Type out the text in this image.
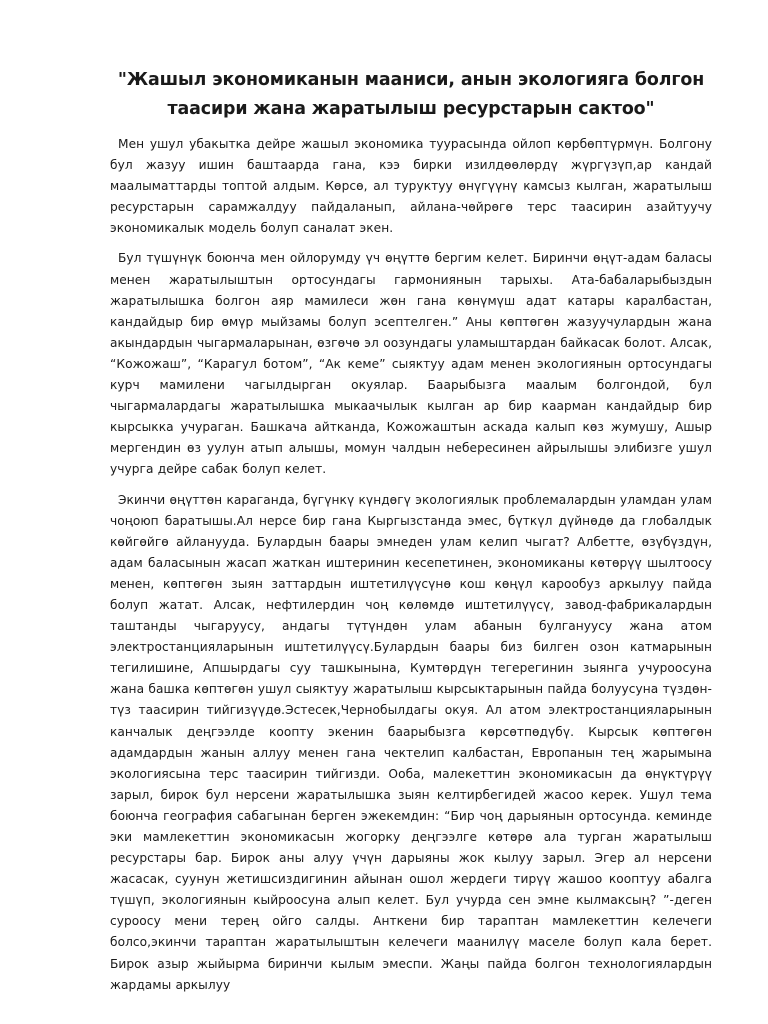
"Жашыл экономиканын мааниси, анын экологияга болгон
таасири жана жаратылыш ресурстарын сактоо"

Мен ушул убакытка дейре жашыл экономика туурасында ойлоп көрбөптүрмүн. Болгону бул жазуу ишин баштаарда гана, кээ бирки изилдөөлөрдү жүргүзүп,ар кандай маалыматтарды топтой алдым. Көрсө, ал туруктуу өнүгүүнү камсыз кылган, жаратылыш ресурстарын сарамжалдуу пайдаланып, айлана-чөйрөгө терс таасирин азайтуучу экономикалык модель болуп саналат экен.

Бул түшүнүк боюнча мен ойлорумду үч өңүттө бергим келет. Биринчи өңүт-адам баласы менен жаратылыштын ортосундагы гармониянын тарыхы. Ата-бабаларыбыздын жаратылышка болгон аяр мамилеси жөн гана көнүмүш адат катары каралбастан, кандайдыр бир өмүр мыйзамы болуп эсептелген.” Аны көптөгөн жазуучулардын жана акындардын чыгармаларынан, өзгөчө эл оозундагы уламыштардан байкасак болот. Алсак, “Кожожаш”, “Карагул ботом”, “Ак кеме” сыяктуу адам менен экологиянын ортосундагы курч мамилени чагылдырган окуялар. Баарыбызга маалым болгондой, бул чыгармалардагы жаратылышка мыкаачылык кылган ар бир каарман кандайдыр бир кырсыкка учураган. Башкача айтканда, Кожожаштын аскада калып көз жумушу, Ашыр мергендин өз уулун атып алышы, момун чалдын небересинен айрылышы элибизге ушул учурга дейре сабак болуп келет.

Экинчи өңүттөн караганда, бүгүнкү күндөгү экологиялык проблемалардын уламдан улам чоңоюп баратышы.Ал нерсе бир гана Кыргызстанда эмес, бүткүл дүйнөдө да глобалдык көйгөйгө айланууда. Булардын баары эмнеден улам келип чыгат? Албетте, өзүбүздүн, адам баласынын жасап жаткан иштеринин кесепетинен, экономиканы көтөрүү шылтоосу менен, көптөгөн зыян заттардын иштетилүүсүнө кош көңүл карообуз аркылуу пайда болуп жатат. Алсак, нефтилердин чоң көлөмдө иштетилүүсү, завод-фабрикалардын таштанды чыгаруусу, андагы түтүндөн улам абанын булгануусу жана атом электростанцияларынын иштетилүүсү.Булардын баары биз билген озон катмарынын тегилишине, Апшырдагы суу ташкынына, Кумтөрдүн тегерегинин зыянга учуроосуна жана башка көптөгөн ушул сыяктуу жаратылыш кырсыктарынын пайда болуусуна түздөн-түз таасирин тийгизүүдө.Эстесек,Чернобылдагы окуя. Ал атом электростанцияларынын канчалык деңгээлде коопту экенин баарыбызга көрсөтпөдүбү. Кырсык көптөгөн адамдардын жанын аллуу менен гана чектелип калбастан, Европанын тең жарымына экологиясына терс таасирин тийгизди. Ооба, малекеттин экономикасын да өнүктүрүү зарыл, бирок бул нерсени жаратылышка зыян келтирбегидей жасоо керек. Ушул тема боюнча география сабагынан берген эжекемдин: “Бир чоң дарыянын ортосунда. кеминде эки мамлекеттин экономикасын жогорку деңгээлге көтөрө ала турган жаратылыш ресурстары бар. Бирок аны алуу үчүн дарыяны жок кылуу зарыл. Эгер ал нерсени жасасак, суунун жетишсиздигинин айынан ошол жердеги тирүү жашоо кооптуу абалга түшүп, экологиянын кыйроосуна алып келет. Бул учурда сен эмне кылмаксың? ”-деген суроосу мени терең ойго салды. Анткени бир тараптан мамлекеттин келечеги болсо,экинчи тараптан жаратылыштын келечеги маанилүү маселе болуп кала берет. Бирок азыр жыйырма биринчи кылым эмеспи. Жаңы пайда болгон технологиялардын жардамы аркылуу
